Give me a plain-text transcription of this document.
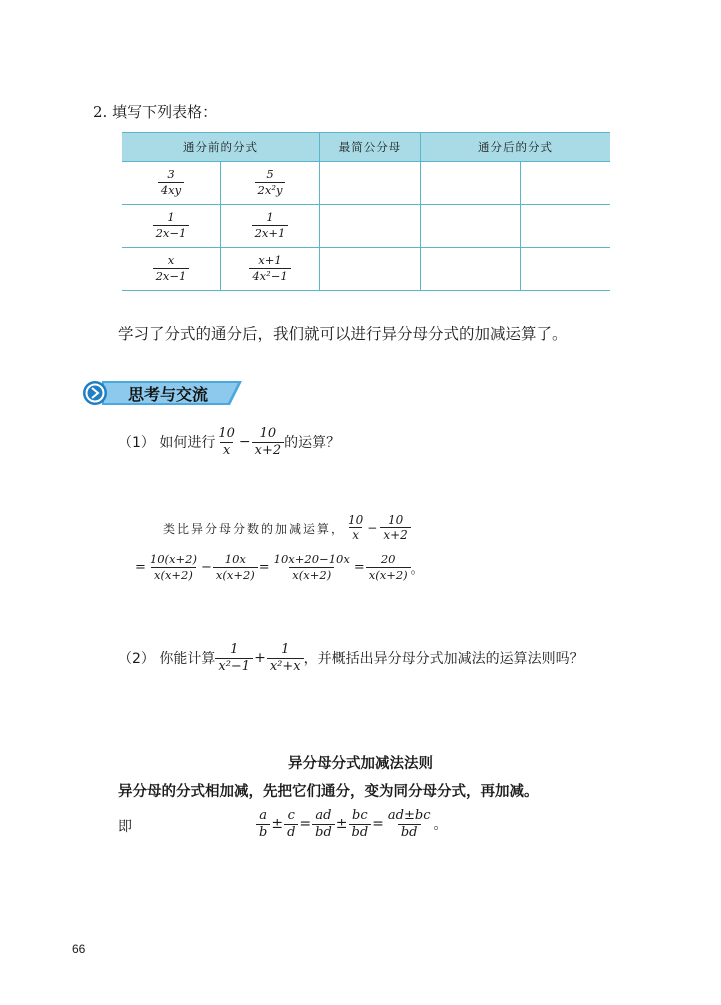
2. 填写下列表格：
通分前的分式		最简公分母	通分后的分式	

$\frac{3}{4xy}$	$\frac{5}{\text{2x²y}}$

$\frac{1}{2x-1}$	$\frac{1}{2x+1}$

$\frac{x}{2x-1}$	$\frac{x+1}{\text{4x²−1}}$

学习了分式的通分后，我们就可以进行异分母分式的加减运算了。
思考与交流
（1） 如何进行 $\frac{10}{x} - \frac{10}{x+2}$ 的运算？
类比异分母分数的加减运算， $\frac{10}{x} - \frac{10}{x+2}$
= $\frac{10(x+2)}{x(x+2)} - \frac{10x}{x(x+2)} = \frac{10x+20-10x}{x(x+2)} = \frac{20}{x(x+2)}$ 。
（2） 你能计算 $\frac{1}{\text{x²−1}} + \frac{1}{\text{x²+x}}$ ，并概括出异分母分式加减法的运算法则吗？
异分母分式加减法法则
异分母的分式相加减，先把它们通分，变为同分母分式，再加减。
即	$\frac{a}{b} \pm \frac{c}{d} = \frac{ad}{bd} \pm \frac{bc}{bd} = \frac{ad\pm bc}{bd}$ 。
66
